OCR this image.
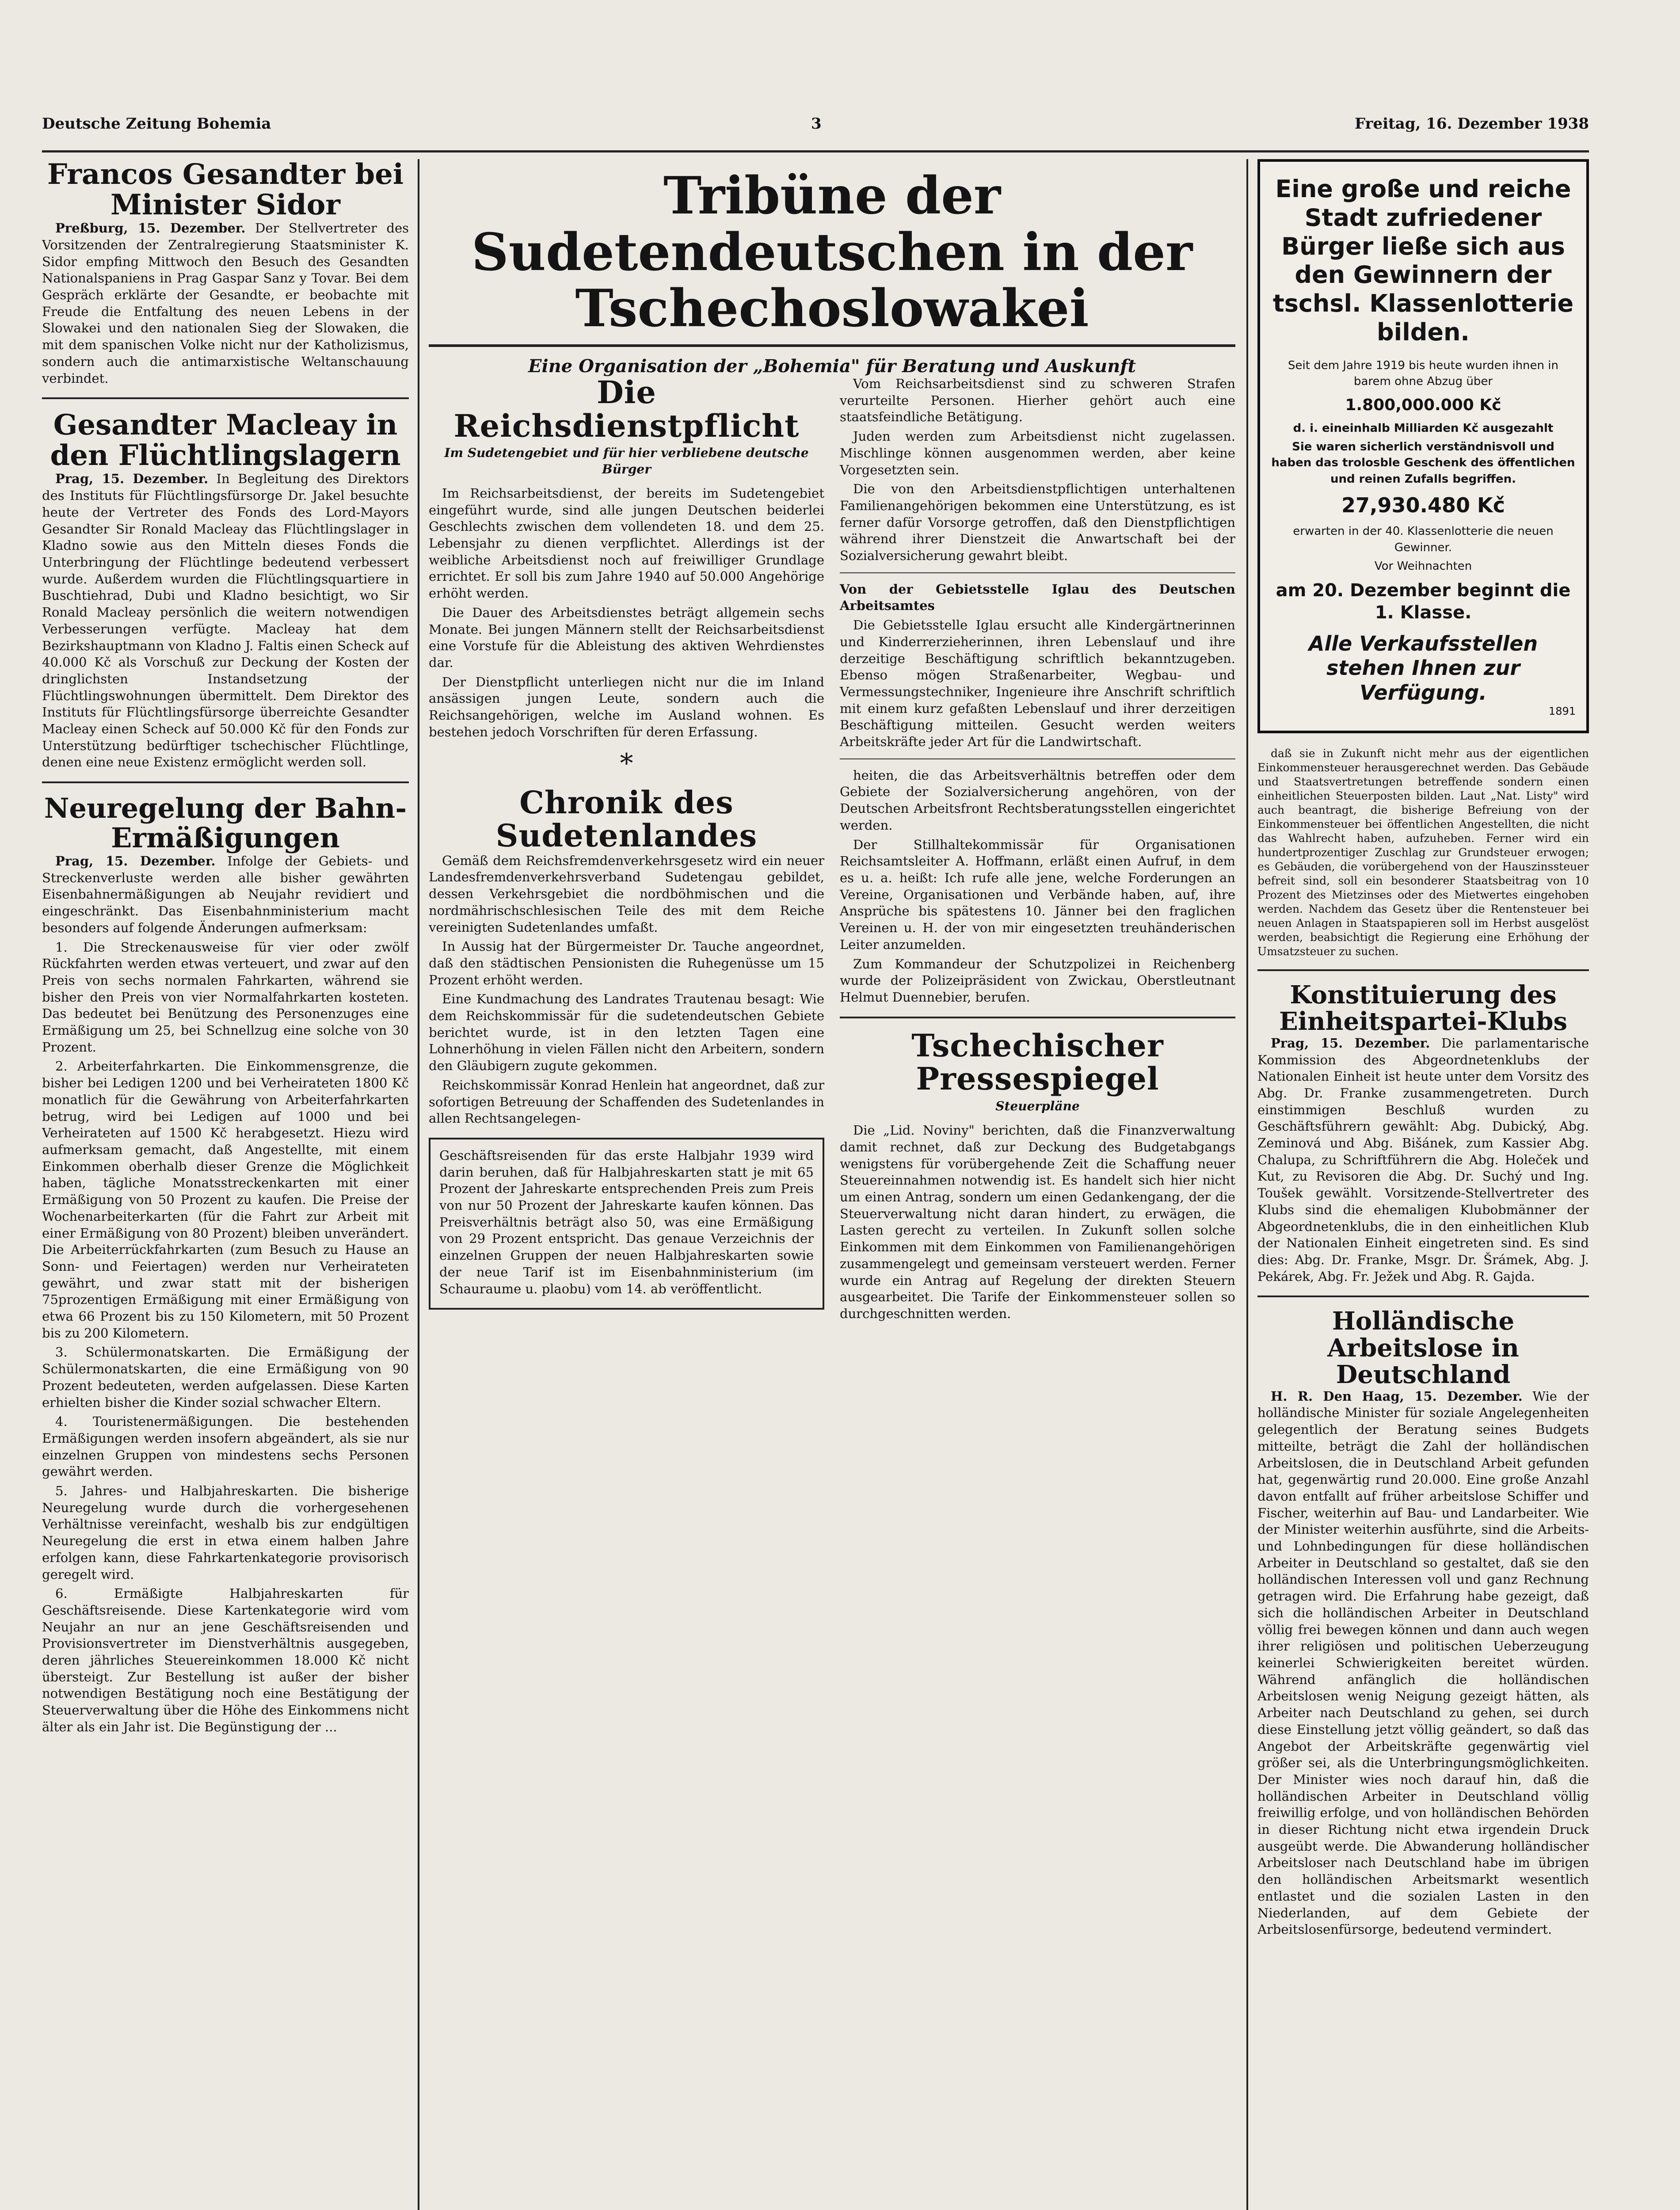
Deutsche Zeitung Bohemia	3	Freitag, 16. Dezember 1938

Francos Gesandter bei Minister Sidor

Preßburg, 15. Dezember. Der Stellvertreter des Vorsitzenden der Zentralregierung Staatsminister K. Sidor empfing Mittwoch den Besuch des Gesandten Nationalspaniens in Prag Gaspar Sanz y Tovar. Bei dem Gespräch erklärte der Gesandte, er beobachte mit Freude die Entfaltung des neuen Lebens in der Slowakei und den nationalen Sieg der Slowaken, die mit dem spanischen Volke nicht nur der Katholizismus, sondern auch die antimarxistische Weltanschauung verbindet.

Gesandter Macleay in den Flüchtlingslagern

Prag, 15. Dezember. In Begleitung des Direktors des Instituts für Flüchtlingsfürsorge Dr. Jakel besuchte heute der Vertreter des Fonds des Lord-Mayors Gesandter Sir Ronald Macleay das Flüchtlingslager in Kladno sowie aus den Mitteln dieses Fonds die Unterbringung der Flüchtlinge bedeutend verbessert wurde. Außerdem wurden die Flüchtlingsquartiere in Buschtiehrad, Dubi und Kladno besichtigt, wo Sir Ronald Macleay persönlich die weitern notwendigen Verbesserungen verfügte. Macleay hat dem Bezirkshauptmann von Kladno J. Faltis einen Scheck auf 40.000 Kč als Vorschuß zur Deckung der Kosten der dringlichsten Instandsetzung der Flüchtlingswohnungen übermittelt. Dem Direktor des Instituts für Flüchtlingsfürsorge überreichte Gesandter Macleay einen Scheck auf 50.000 Kč für den Fonds zur Unterstützung bedürftiger tschechischer Flüchtlinge, denen eine neue Existenz ermöglicht werden soll.

Neuregelung der Bahn-Ermäßigungen

Prag, 15. Dezember. Infolge der Gebiets- und Streckenverluste werden alle bisher gewährten Eisenbahnermäßigungen ab Neujahr revidiert und eingeschränkt. Das Eisenbahnministerium macht besonders auf folgende Änderungen aufmerksam:

1. Die Streckenausweise für vier oder zwölf Rückfahrten werden etwas verteuert, und zwar auf den Preis von sechs normalen Fahrkarten, während sie bisher den Preis von vier Normalfahrkarten kosteten. Das bedeutet bei Benützung des Personenzuges eine Ermäßigung um 25, bei Schnellzug eine solche von 30 Prozent.

2. Arbeiterfahrkarten. Die Einkommensgrenze, die bisher bei Ledigen 1200 und bei Verheirateten 1800 Kč monatlich für die Gewährung von Arbeiterfahrkarten betrug, wird bei Ledigen auf 1000 und bei Verheirateten auf 1500 Kč herabgesetzt. Hiezu wird aufmerksam gemacht, daß Angestellte, mit einem Einkommen oberhalb dieser Grenze die Möglichkeit haben, tägliche Monatsstreckenkarten mit einer Ermäßigung von 50 Prozent zu kaufen. Die Preise der Wochenarbeiterkarten (für die Fahrt zur Arbeit mit einer Ermäßigung von 80 Prozent) bleiben unverändert. Die Arbeiterrückfahrkarten (zum Besuch zu Hause an Sonn- und Feiertagen) werden nur Verheirateten gewährt, und zwar statt mit der bisherigen 75prozentigen Ermäßigung mit einer Ermäßigung von etwa 66 Prozent bis zu 150 Kilometern, mit 50 Prozent bis zu 200 Kilometern.

3. Schülermonatskarten. Die Ermäßigung der Schülermonatskarten, die eine Ermäßigung von 90 Prozent bedeuteten, werden aufgelassen. Diese Karten erhielten bisher die Kinder sozial schwacher Eltern.

4. Touristenermäßigungen. Die bestehenden Ermäßigungen werden insofern abgeändert, als sie nur einzelnen Gruppen von mindestens sechs Personen gewährt werden.

5. Jahres- und Halbjahreskarten. Die bisherige Neuregelung wurde durch die vorhergesehenen Verhältnisse vereinfacht, weshalb bis zur endgültigen Neuregelung die erst in etwa einem halben Jahre erfolgen kann, diese Fahrkartenkategorie provisorisch geregelt wird.

6. Ermäßigte Halbjahreskarten für Geschäftsreisende. Diese Kartenkategorie wird vom Neujahr an nur an jene Geschäftsreisenden und Provisionsvertreter im Dienstverhältnis ausgegeben, deren jährliches Steuereinkommen 18.000 Kč nicht übersteigt. Zur Bestellung ist außer der bisher notwendigen Bestätigung noch eine Bestätigung der Steuerverwaltung über die Höhe des Einkommens nicht älter als ein Jahr ist. Die Begünstigung der ...

Tribüne der Sudetendeutschen in der Tschechoslowakei

Eine Organisation der „Bohemia" für Beratung und Auskunft

Die Reichsdienstpflicht

Im Sudetengebiet und für hier verbliebene deutsche Bürger

Im Reichsarbeitsdienst, der bereits im Sudetengebiet eingeführt wurde, sind alle jungen Deutschen beiderlei Geschlechts zwischen dem vollendeten 18. und dem 25. Lebensjahr zu dienen verpflichtet. Allerdings ist der weibliche Arbeitsdienst noch auf freiwilliger Grundlage errichtet. Er soll bis zum Jahre 1940 auf 50.000 Angehörige erhöht werden.

Die Dauer des Arbeitsdienstes beträgt allgemein sechs Monate. Bei jungen Männern stellt der Reichsarbeitsdienst eine Vorstufe für die Ableistung des aktiven Wehrdienstes dar.

Der Dienstpflicht unterliegen nicht nur die im Inland ansässigen jungen Leute, sondern auch die Reichsangehörigen, welche im Ausland wohnen. Es bestehen jedoch Vorschriften für deren Erfassung.

*

Chronik des Sudetenlandes

Gemäß dem Reichsfremdenverkehrsgesetz wird ein neuer Landesfremdenverkehrsverband Sudetengau gebildet, dessen Verkehrsgebiet die nordböhmischen und die nordmährischschlesischen Teile des mit dem Reiche vereinigten Sudetenlandes umfaßt.

In Aussig hat der Bürgermeister Dr. Tauche angeordnet, daß den städtischen Pensionisten die Ruhegenüsse um 15 Prozent erhöht werden.

Eine Kundmachung des Landrates Trautenau besagt: Wie dem Reichskommissär für die sudetendeutschen Gebiete berichtet wurde, ist in den letzten Tagen eine Lohnerhöhung in vielen Fällen nicht den Arbeitern, sondern den Gläubigern zugute gekommen.

Reichskommissär Konrad Henlein hat angeordnet, daß zur sofortigen Betreuung der Schaffenden des Sudetenlandes in allen Rechtsangelegen-

Geschäftsreisenden für das erste Halbjahr 1939 wird darin beruhen, daß für Halbjahreskarten statt je mit 65 Prozent der Jahreskarte entsprechenden Preis zum Preis von nur 50 Prozent der Jahreskarte kaufen können. Das Preisverhältnis beträgt also 50, was eine Ermäßigung von 29 Prozent entspricht. Das genaue Verzeichnis der einzelnen Gruppen der neuen Halbjahreskarten sowie der neue Tarif ist im Eisenbahnministerium (im Schauraume u. plaobu) vom 14. ab veröffentlicht.

Vom Reichsarbeitsdienst sind zu schweren Strafen verurteilte Personen. Hierher gehört auch eine staatsfeindliche Betätigung.

Juden werden zum Arbeitsdienst nicht zugelassen. Mischlinge können ausgenommen werden, aber keine Vorgesetzten sein.

Die von den Arbeitsdienstpflichtigen unterhaltenen Familienangehörigen bekommen eine Unterstützung, es ist ferner dafür Vorsorge getroffen, daß den Dienstpflichtigen während ihrer Dienstzeit die Anwartschaft bei der Sozialversicherung gewahrt bleibt.

Von der Gebietsstelle Iglau des Deutschen Arbeitsamtes

Die Gebietsstelle Iglau ersucht alle Kindergärtnerinnen und Kinderrerzieherinnen, ihren Lebenslauf und ihre derzeitige Beschäftigung schriftlich bekanntzugeben. Ebenso mögen Straßenarbeiter, Wegbau- und Vermessungstechniker, Ingenieure ihre Anschrift schriftlich mit einem kurz gefaßten Lebenslauf und ihrer derzeitigen Beschäftigung mitteilen. Gesucht werden weiters Arbeitskräfte jeder Art für die Landwirtschaft.

heiten, die das Arbeitsverhältnis betreffen oder dem Gebiete der Sozialversicherung angehören, von der Deutschen Arbeitsfront Rechtsberatungsstellen eingerichtet werden.

Der Stillhaltekommissär für Organisationen Reichsamtsleiter A. Hoffmann, erläßt einen Aufruf, in dem es u. a. heißt: Ich rufe alle jene, welche Forderungen an Vereine, Organisationen und Verbände haben, auf, ihre Ansprüche bis spätestens 10. Jänner bei den fraglichen Vereinen u. H. der von mir eingesetzten treuhänderischen Leiter anzumelden.

Zum Kommandeur der Schutzpolizei in Reichenberg wurde der Polizeipräsident von Zwickau, Oberstleutnant Helmut Duennebier, berufen.

Tschechischer Pressespiegel

Steuerpläne

Die „Lid. Noviny" berichten, daß die Finanzverwaltung damit rechnet, daß zur Deckung des Budgetabgangs wenigstens für vorübergehende Zeit die Schaffung neuer Steuereinnahmen notwendig ist. Es handelt sich hier nicht um einen Antrag, sondern um einen Gedankengang, der die Steuerverwaltung nicht daran hindert, zu erwägen, die Lasten gerecht zu verteilen. In Zukunft sollen solche Einkommen mit dem Einkommen von Familienangehörigen zusammengelegt und gemeinsam versteuert werden. Ferner wurde ein Antrag auf Regelung der direkten Steuern ausgearbeitet. Die Tarife der Einkommensteuer sollen so durchgeschnitten werden.

Eine große und reiche Stadt zufriedener Bürger ließe sich aus den Gewinnern der tschsl. Klassenlotterie bilden.

Seit dem Jahre 1919 bis heute wurden ihnen in barem ohne Abzug über

1.800,000.000 Kč

d. i. eineinhalb Milliarden Kč ausgezahlt

Sie waren sicherlich verständnisvoll und haben das trolosble Geschenk des öffentlichen und reinen Zufalls begriffen.

27,930.480 Kč

erwarten in der 40. Klassenlotterie die neuen Gewinner.

Vor Weihnachten

am 20. Dezember beginnt die 1. Klasse.

Alle Verkaufsstellen stehen Ihnen zur Verfügung.

1891

daß sie in Zukunft nicht mehr aus der eigentlichen Einkommensteuer herausgerechnet werden. Das Gebäude und Staatsvertretungen betreffende sondern einen einheitlichen Steuerposten bilden. Laut „Nat. Listy" wird auch beantragt, die bisherige Befreiung von der Einkommensteuer bei öffentlichen Angestellten, die nicht das Wahlrecht haben, aufzuheben. Ferner wird ein hundertprozentiger Zuschlag zur Grundsteuer erwogen; es Gebäuden, die vorübergehend von der Hauszinssteuer befreit sind, soll ein besonderer Staatsbeitrag von 10 Prozent des Mietzinses oder des Mietwertes eingehoben werden. Nachdem das Gesetz über die Rentensteuer bei neuen Anlagen in Staatspapieren soll im Herbst ausgelöst werden, beabsichtigt die Regierung eine Erhöhung der Umsatzsteuer zu suchen.

Konstituierung des Einheitspartei-Klubs

Prag, 15. Dezember. Die parlamentarische Kommission des Abgeordnetenklubs der Nationalen Einheit ist heute unter dem Vorsitz des Abg. Dr. Franke zusammengetreten. Durch einstimmigen Beschluß wurden zu Geschäftsführern gewählt: Abg. Dubický, Abg. Zeminová und Abg. Bišánek, zum Kassier Abg. Chalupa, zu Schriftführern die Abg. Holeček und Kut, zu Revisoren die Abg. Dr. Suchý und Ing. Toušek gewählt. Vorsitzende-Stellvertreter des Klubs sind die ehemaligen Klubobmänner der Abgeordnetenklubs, die in den einheitlichen Klub der Nationalen Einheit eingetreten sind. Es sind dies: Abg. Dr. Franke, Msgr. Dr. Šrámek, Abg. J. Pekárek, Abg. Fr. Ježek und Abg. R. Gajda.

Holländische Arbeitslose in Deutschland

H. R. Den Haag, 15. Dezember. Wie der holländische Minister für soziale Angelegenheiten gelegentlich der Beratung seines Budgets mitteilte, beträgt die Zahl der holländischen Arbeitslosen, die in Deutschland Arbeit gefunden hat, gegenwärtig rund 20.000. Eine große Anzahl davon entfallt auf früher arbeitslose Schiffer und Fischer, weiterhin auf Bau- und Landarbeiter. Wie der Minister weiterhin ausführte, sind die Arbeits- und Lohnbedingungen für diese holländischen Arbeiter in Deutschland so gestaltet, daß sie den holländischen Interessen voll und ganz Rechnung getragen wird. Die Erfahrung habe gezeigt, daß sich die holländischen Arbeiter in Deutschland völlig frei bewegen können und dann auch wegen ihrer religiösen und politischen Ueberzeugung keinerlei Schwierigkeiten bereitet würden. Während anfänglich die holländischen Arbeitslosen wenig Neigung gezeigt hätten, als Arbeiter nach Deutschland zu gehen, sei durch diese Einstellung jetzt völlig geändert, so daß das Angebot der Arbeitskräfte gegenwärtig viel größer sei, als die Unterbringungsmöglichkeiten. Der Minister wies noch darauf hin, daß die holländischen Arbeiter in Deutschland völlig freiwillig erfolge, und von holländischen Behörden in dieser Richtung nicht etwa irgendein Druck ausgeübt werde. Die Abwanderung holländischer Arbeitsloser nach Deutschland habe im übrigen den holländischen Arbeitsmarkt wesentlich entlastet und die sozialen Lasten in den Niederlanden, auf dem Gebiete der Arbeitslosenfürsorge, bedeutend vermindert.
